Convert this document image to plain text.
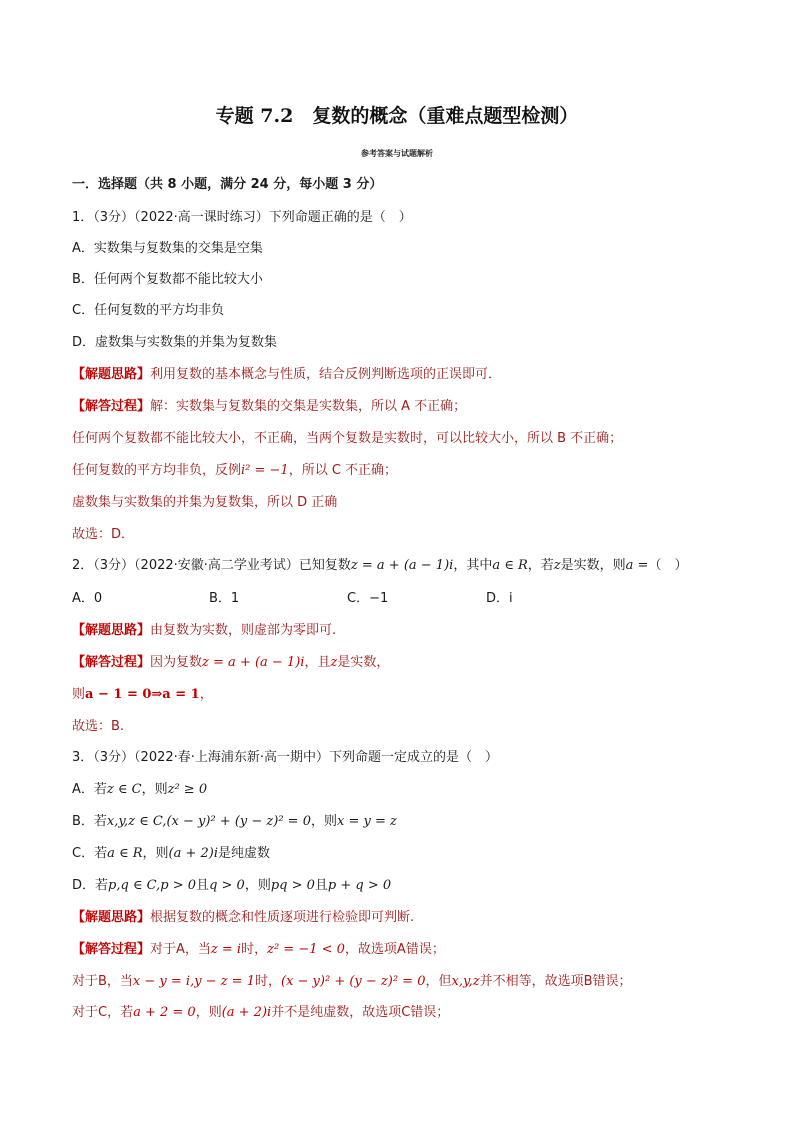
专题 7.2　复数的概念（重难点题型检测）
参考答案与试题解析
一．选择题（共 8 小题，满分 24 分，每小题 3 分）
1．（3分）（2022·高一课时练习）下列命题正确的是（　）
A．实数集与复数集的交集是空集
B．任何两个复数都不能比较大小
C．任何复数的平方均非负
D．虚数集与实数集的并集为复数集
【解题思路】利用复数的基本概念与性质，结合反例判断选项的正误即可．
【解答过程】解：实数集与复数集的交集是实数集，所以 A 不正确；
任何两个复数都不能比较大小，不正确，当两个复数是实数时，可以比较大小，所以 B 不正确；
任何复数的平方均非负，反例i² = −1，所以 C 不正确；
虚数集与实数集的并集为复数集，所以 D 正确
故选：D．
2．（3分）（2022·安徽·高二学业考试）已知复数z = a + (a − 1)i，其中a ∈ R，若z是实数，则a =（　）
A．0	B．1	C．−1	D．i
【解题思路】由复数为实数，则虚部为零即可.
【解答过程】因为复数z = a + (a − 1)i，且z是实数，
则a − 1 = 0⇒a = 1，
故选：B.
3．（3分）（2022·春·上海浦东新·高一期中）下列命题一定成立的是（　）
A．若z ∈ C，则z² ≥ 0
B．若x,y,z ∈ C,(x − y)² + (y − z)² = 0，则x = y = z
C．若a ∈ R，则(a + 2)i是纯虚数
D．若p,q ∈ C,p > 0且q > 0，则pq > 0且p + q > 0
【解题思路】根据复数的概念和性质逐项进行检验即可判断.
【解答过程】对于A，当z = i时，z² = −1 < 0，故选项A错误；
对于B，当x − y = i,y − z = 1时，(x − y)² + (y − z)² = 0，但x,y,z并不相等，故选项B错误；
对于C，若a + 2 = 0，则(a + 2)i并不是纯虚数，故选项C错误；
